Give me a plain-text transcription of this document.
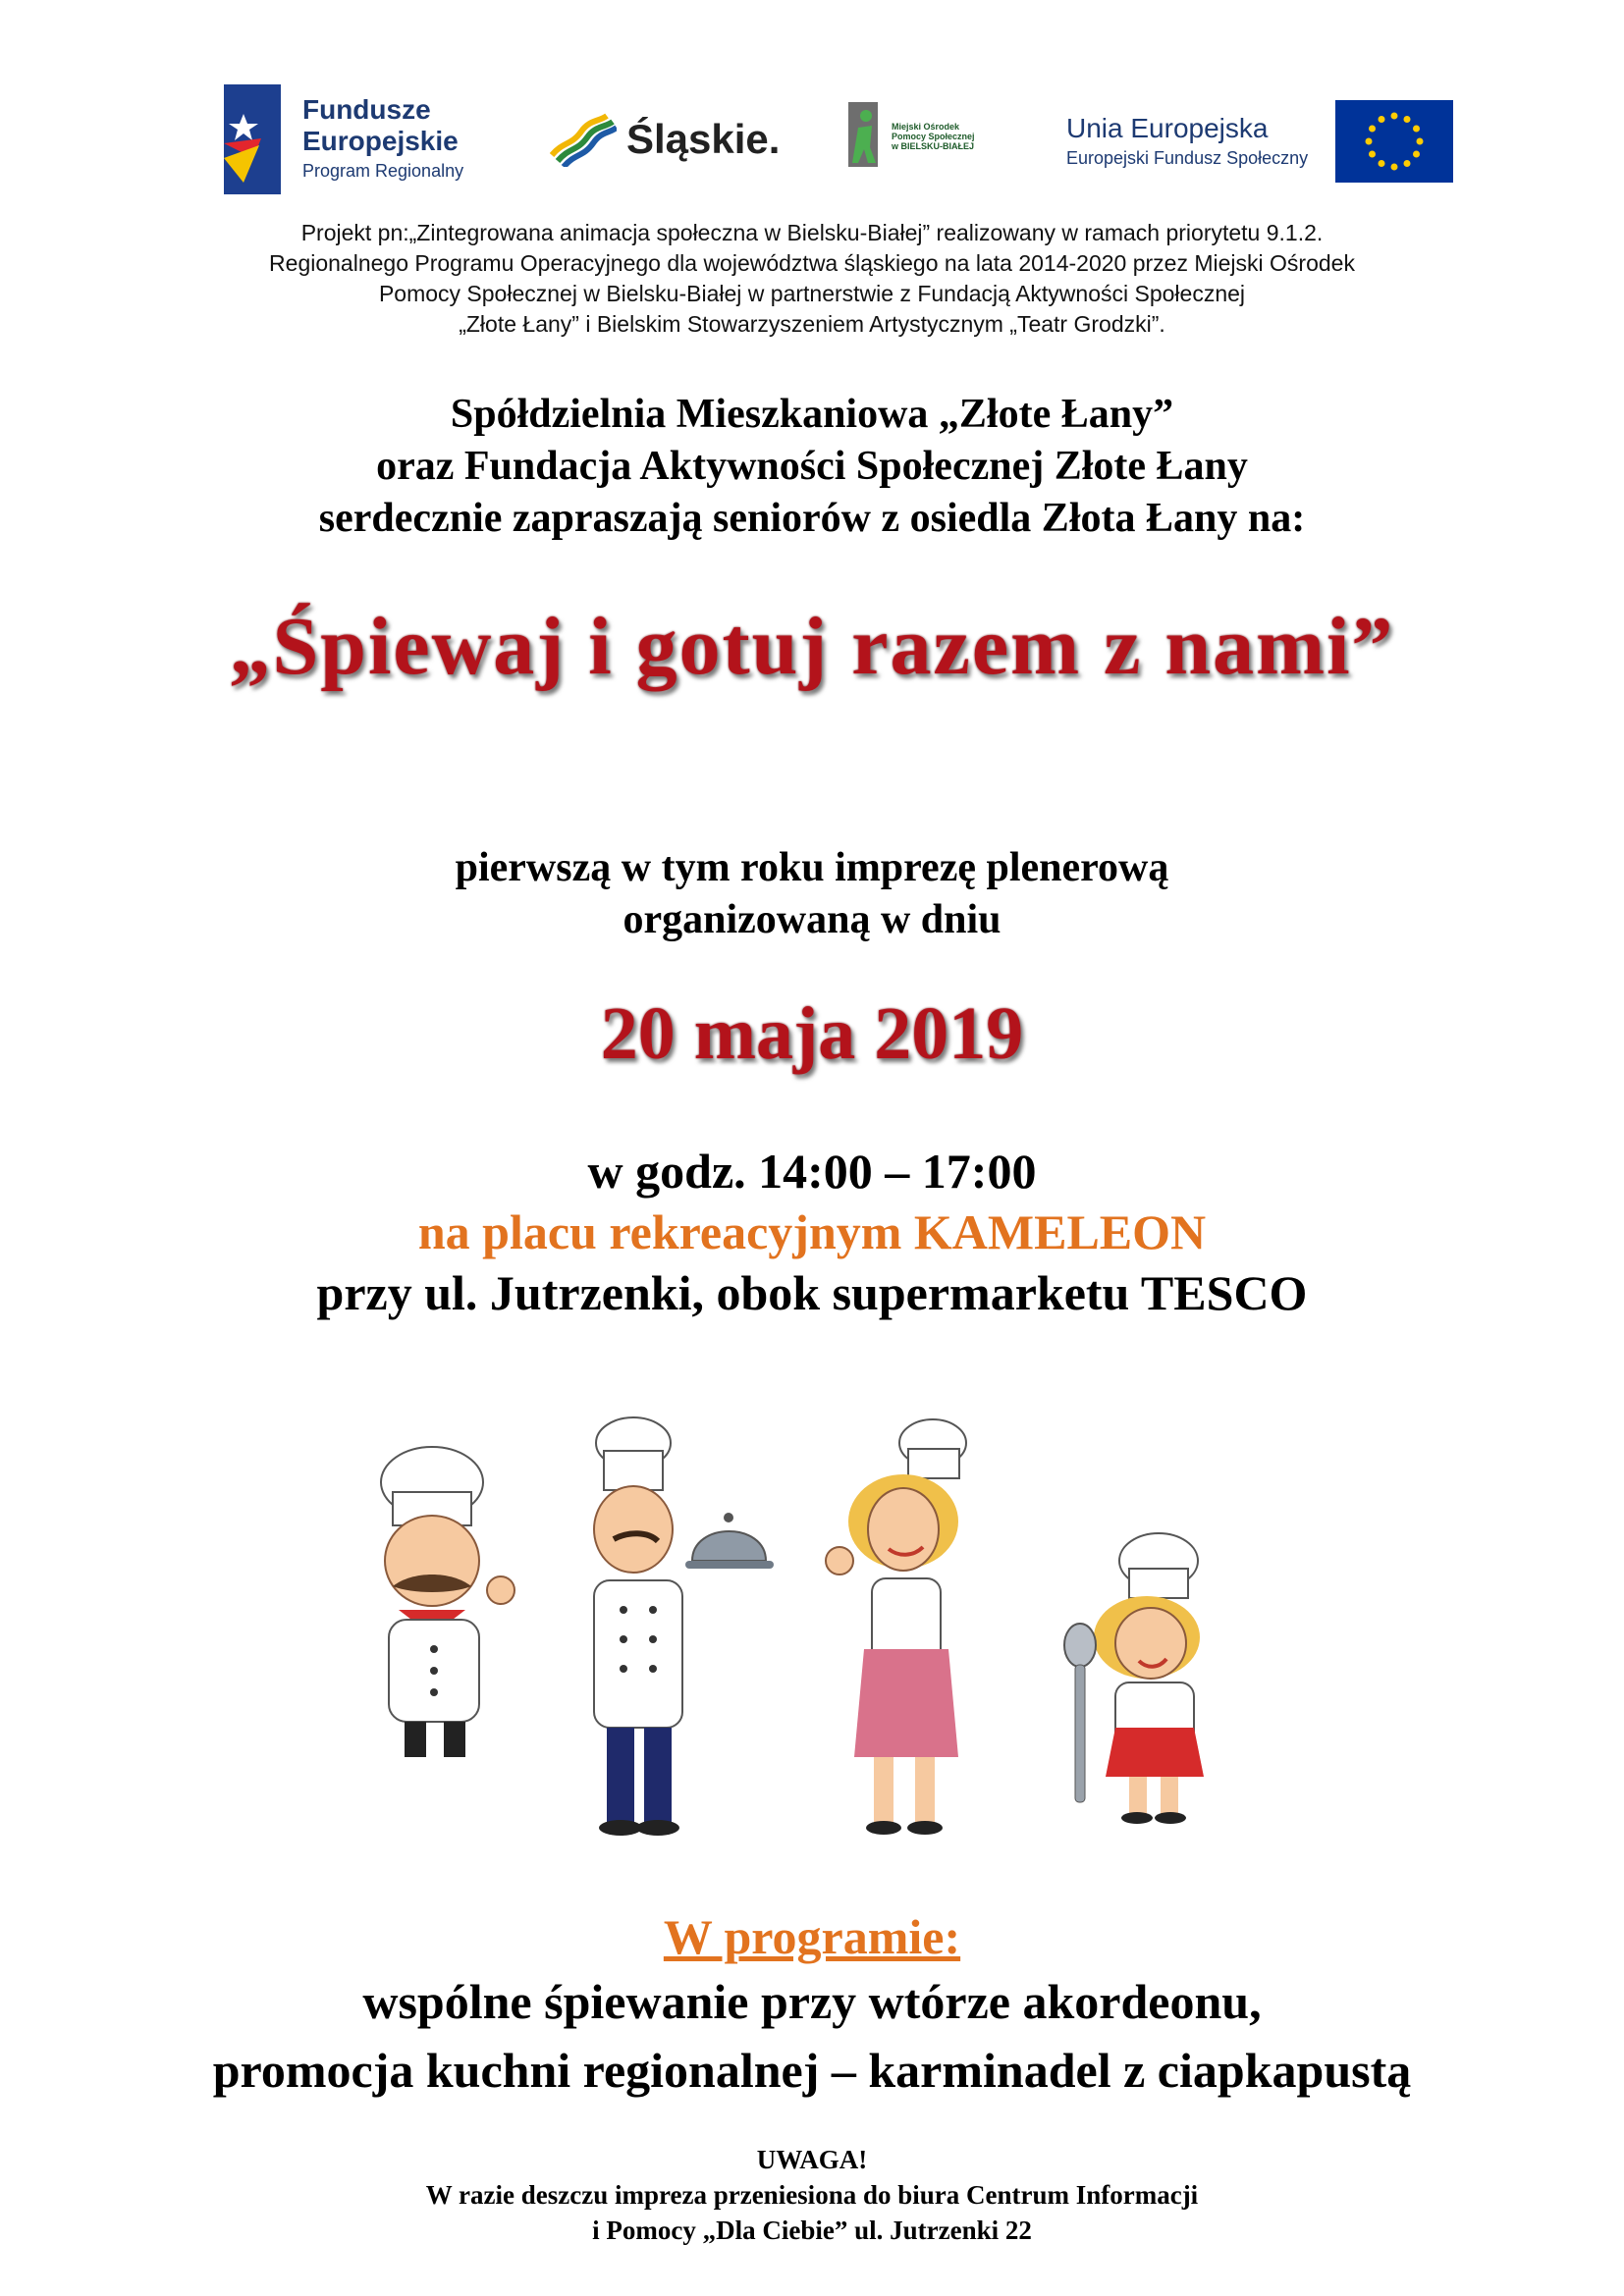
Fundusze
Europejskie
Program Regionalny
Śląskie.	Miejski Ośrodek
Pomocy Społecznej
w BIELSKU-BIAŁEJ
Unia Europejska
Europejski Fundusz Społeczny
Projekt pn:„Zintegrowana animacja społeczna w Bielsku-Białej” realizowany w ramach priorytetu 9.1.2.
Regionalnego Programu Operacyjnego dla województwa śląskiego na lata 2014-2020 przez Miejski Ośrodek
Pomocy Społecznej w Bielsku-Białej w partnerstwie z Fundacją Aktywności Społecznej
„Złote Łany” i Bielskim Stowarzyszeniem Artystycznym „Teatr Grodzki”.
Spółdzielnia Mieszkaniowa „Złote Łany”
oraz Fundacja Aktywności Społecznej Złote Łany
serdecznie zapraszają seniorów z osiedla Złota Łany na:
„Śpiewaj i gotuj razem z nami”
pierwszą w tym roku imprezę plenerową
organizowaną w dniu
20 maja 2019
w godz. 14:00 – 17:00
na placu rekreacyjnym KAMELEON
przy ul. Jutrzenki, obok supermarketu TESCO
W programie:
wspólne śpiewanie przy wtórze akordeonu,
promocja kuchni regionalnej – karminadel z ciapkapustą
UWAGA!
W razie deszczu impreza przeniesiona do biura Centrum Informacji
i Pomocy „Dla Ciebie” ul. Jutrzenki 22
